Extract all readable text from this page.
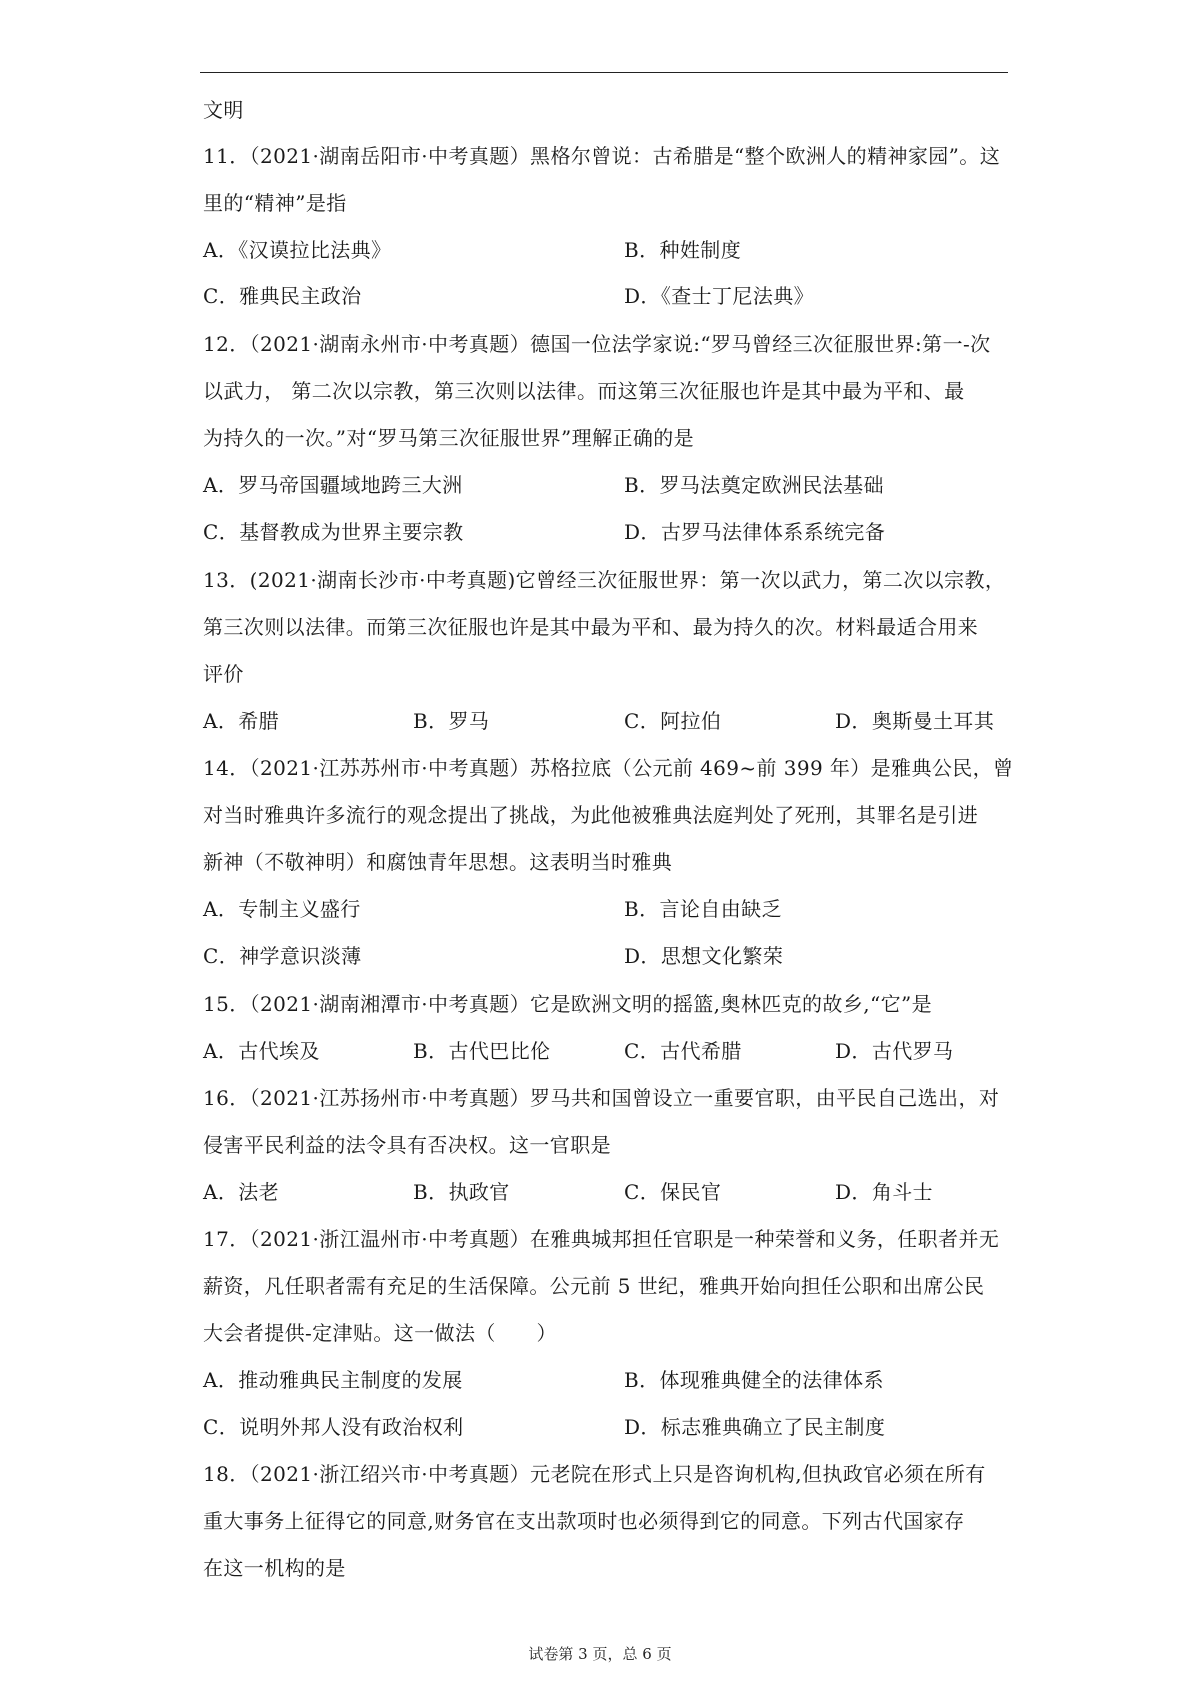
文明
11．（2021·湖南岳阳市·中考真题）黑格尔曾说：古希腊是“整个欧洲人的精神家园”。这
里的“精神”是指
A．《汉谟拉比法典》	B．种姓制度
C．雅典民主政治	D．《查士丁尼法典》
12．（2021·湖南永州市·中考真题）德国一位法学家说:“罗马曾经三次征服世界:第一-次
以武力， 第二次以宗教，第三次则以法律。而这第三次征服也许是其中最为平和、最
为持久的一次。”对“罗马第三次征服世界”理解正确的是
A．罗马帝国疆域地跨三大洲	B．罗马法奠定欧洲民法基础
C．基督教成为世界主要宗教	D．古罗马法律体系系统完备
13．(2021·湖南长沙市·中考真题)它曾经三次征服世界：第一次以武力，第二次以宗教，
第三次则以法律。而第三次征服也许是其中最为平和、最为持久的次。材料最适合用来
评价
A．希腊	B．罗马	C．阿拉伯	D．奥斯曼土耳其
14．（2021·江苏苏州市·中考真题）苏格拉底（公元前 469~前 399 年）是雅典公民，曾
对当时雅典许多流行的观念提出了挑战，为此他被雅典法庭判处了死刑，其罪名是引进
新神（不敬神明）和腐蚀青年思想。这表明当时雅典
A．专制主义盛行	B．言论自由缺乏
C．神学意识淡薄	D．思想文化繁荣
15．（2021·湖南湘潭市·中考真题）它是欧洲文明的摇篮,奥林匹克的故乡,“它”是
A．古代埃及	B．古代巴比伦	C．古代希腊	D．古代罗马
16．（2021·江苏扬州市·中考真题）罗马共和国曾设立一重要官职，由平民自己选出，对
侵害平民利益的法令具有否决权。这一官职是
A．法老	B．执政官	C．保民官	D．角斗士
17．（2021·浙江温州市·中考真题）在雅典城邦担任官职是一种荣誉和义务，任职者并无
薪资，凡任职者需有充足的生活保障。公元前 5 世纪，雅典开始向担任公职和出席公民
大会者提供-定津贴。这一做法（　　）
A．推动雅典民主制度的发展	B．体现雅典健全的法律体系
C．说明外邦人没有政治权利	D．标志雅典确立了民主制度
18．（2021·浙江绍兴市·中考真题）元老院在形式上只是咨询机构,但执政官必须在所有
重大事务上征得它的同意,财务官在支出款项时也必须得到它的同意。下列古代国家存
在这一机构的是
试卷第 3 页，总 6 页
